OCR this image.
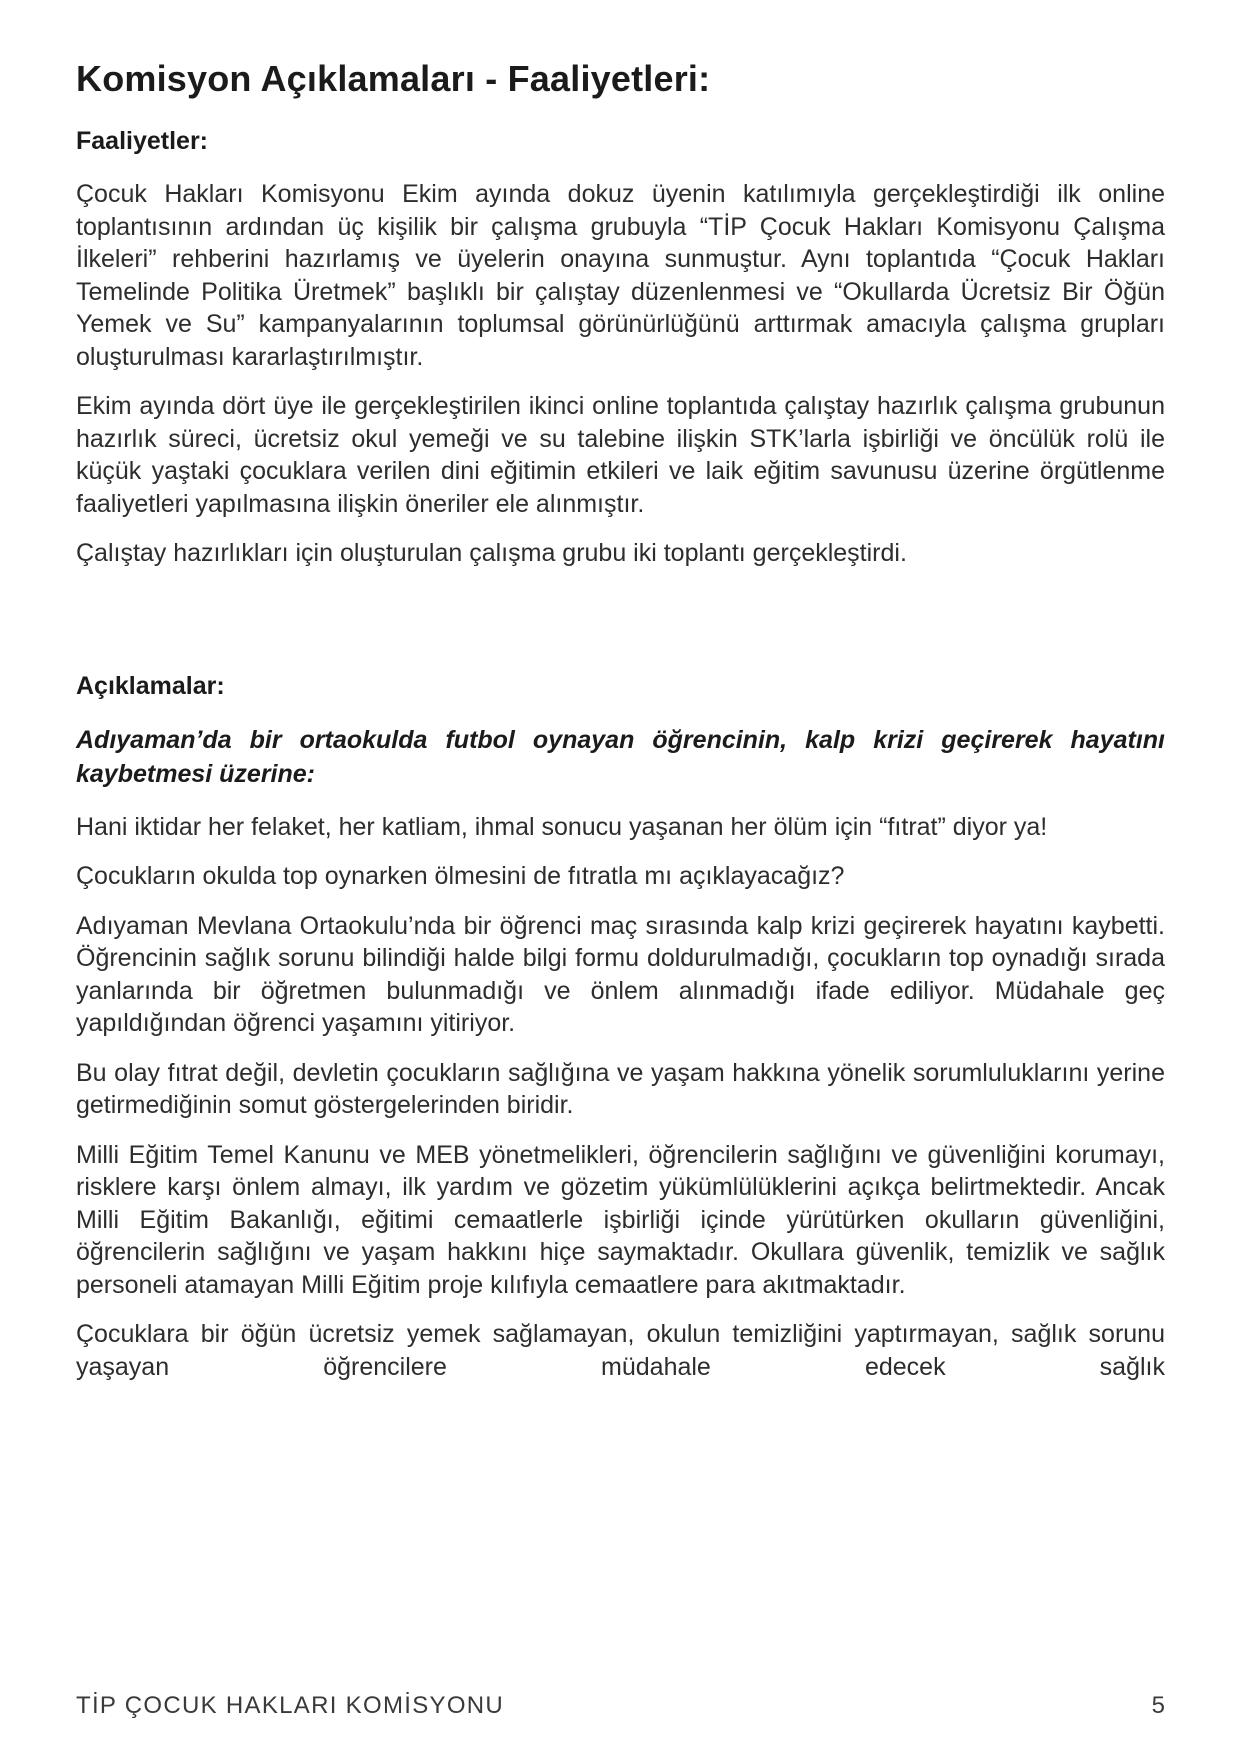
Komisyon Açıklamaları - Faaliyetleri:
Faaliyetler:

Çocuk Hakları Komisyonu Ekim ayında dokuz üyenin katılımıyla gerçekleştirdiği ilk online toplantısının ardından üç kişilik bir çalışma grubuyla “TİP Çocuk Hakları Komisyonu Çalışma İlkeleri” rehberini hazırlamış ve üyelerin onayına sunmuştur. Aynı toplantıda “Çocuk Hakları Temelinde Politika Üretmek” başlıklı bir çalıştay düzenlenmesi ve “Okullarda Ücretsiz Bir Öğün Yemek ve Su” kampanyalarının toplumsal görünürlüğünü arttırmak amacıyla çalışma grupları oluşturulması kararlaştırılmıştır.

Ekim ayında dört üye ile gerçekleştirilen ikinci online toplantıda çalıştay hazırlık çalışma grubunun hazırlık süreci, ücretsiz okul yemeği ve su talebine ilişkin STK’larla işbirliği ve öncülük rolü ile küçük yaştaki çocuklara verilen dini eğitimin etkileri ve laik eğitim savunusu üzerine örgütlenme faaliyetleri yapılmasına ilişkin öneriler ele alınmıştır.

Çalıştay hazırlıkları için oluşturulan çalışma grubu iki toplantı gerçekleştirdi.

Açıklamalar:

Adıyaman’da bir ortaokulda futbol oynayan öğrencinin, kalp krizi geçirerek hayatını kaybetmesi üzerine:

Hani iktidar her felaket, her katliam, ihmal sonucu yaşanan her ölüm için “fıtrat” diyor ya!

Çocukların okulda top oynarken ölmesini de fıtratla mı açıklayacağız?

Adıyaman Mevlana Ortaokulu’nda bir öğrenci maç sırasında kalp krizi geçirerek hayatını kaybetti. Öğrencinin sağlık sorunu bilindiği halde bilgi formu doldurulmadığı, çocukların top oynadığı sırada yanlarında bir öğretmen bulunmadığı ve önlem alınmadığı ifade ediliyor. Müdahale geç yapıldığından öğrenci yaşamını yitiriyor.

Bu olay fıtrat değil, devletin çocukların sağlığına ve yaşam hakkına yönelik sorumluluklarını yerine getirmediğinin somut göstergelerinden biridir.

Milli Eğitim Temel Kanunu ve MEB yönetmelikleri, öğrencilerin sağlığını ve güvenliğini korumayı, risklere karşı önlem almayı, ilk yardım ve gözetim yükümlülüklerini açıkça belirtmektedir. Ancak Milli Eğitim Bakanlığı, eğitimi cemaatlerle işbirliği içinde yürütürken okulların güvenliğini, öğrencilerin sağlığını ve yaşam hakkını hiçe saymaktadır. Okullara güvenlik, temizlik ve sağlık personeli atamayan Milli Eğitim proje kılıfıyla cemaatlere para akıtmaktadır.

Çocuklara bir öğün ücretsiz yemek sağlamayan, okulun temizliğini yaptırmayan, sağlık sorunu yaşayan öğrencilere müdahale edecek sağlık

TİP ÇOCUK HAKLARI KOMİSYONU	5
